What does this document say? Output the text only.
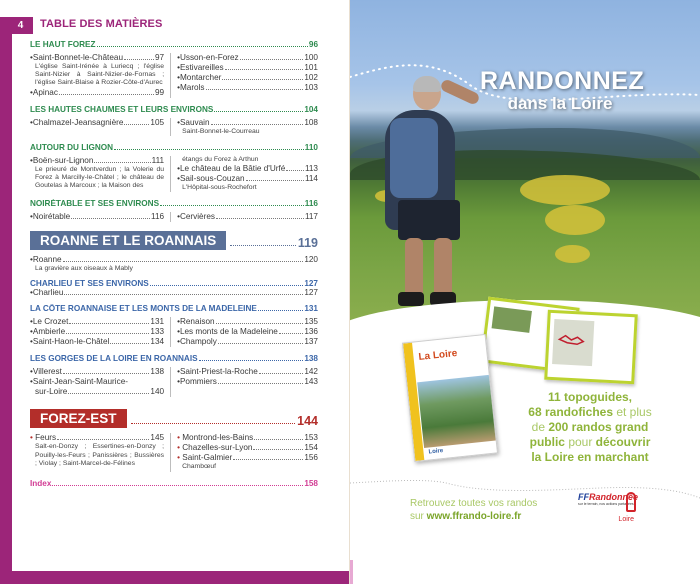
4	TABLE DES MATIÈRES
LE HAUT FOREZ	96
• Saint-Bonnet-le-Château	97
L'église Saint-Irénée à Luriecq ; l'église Saint-Nizier à Saint-Nizier-de-Fornas ; l'église Saint-Blaise à Rozier-Côte-d'Aurec
• Apinac	99
• Usson-en-Forez	100
• Estivareilles	101
• Montarcher	102
• Marols	103
LES HAUTES CHAUMES ET LEURS ENVIRONS	104
• Chalmazel-Jeansagnière	105 • Sauvain	108
Saint-Bonnet-le-Courreau
AUTOUR DU LIGNON	110
• Boën-sur-Lignon	111
Le prieuré de Montverdun ; la Volerie du Forez à Marcilly-le-Châtel ; le château de Goutelas à Marcoux ; la Maison des
étangs du Forez à Arthun
• Le château de la Bâtie d'Urfé 113
• Sail-sous-Couzan	114
L'Hôpital-sous-Rochefort
NOIRÉTABLE ET SES ENVIRONS	116
• Noirétable	116 • Cervières	117
ROANNE ET LE ROANNAIS	119
• Roanne	120
La gravière aux oiseaux à Mably
CHARLIEU ET SES ENVIRONS	127
• Charlieu	127
LA CÔTE ROANNAISE ET LES MONTS DE LA MADELEINE	131
• Le Crozet	131
• Ambierle	133
• Saint-Haon-le-Châtel	134
• Renaison	135
• Les monts de la Madeleine	136
• Champoly	137
LES GORGES DE LA LOIRE EN ROANNAIS	138
• Villerest	138
• Saint-Jean-Saint-Maurice-
sur-Loire	140
• Saint-Priest-la-Roche	142
• Pommiers	143
FOREZ-EST	144
•
Feurs	145
Salt-en-Donzy ; Essertines-en-Donzy ; Pouilly-les-Feurs ; Panissières ; Bussières ; Violay ; Saint-Marcel-de-Félines
•
Montrond-les-Bains	153
•
Chazelles-sur-Lyon	154
•
Saint-Galmier	156
Chambœuf
Index	158
RANDONNEZ
dans la Loire
La Loire
Loire
11 topoguides,
68 randofiches et plus
de 200 randos grand
public pour découvrir
la Loire en marchant
Retrouvez toutes vos randos
sur www.ffrando-loire.fr
FFRandonnée
sur le terrain, nos actions partagées
Loire
